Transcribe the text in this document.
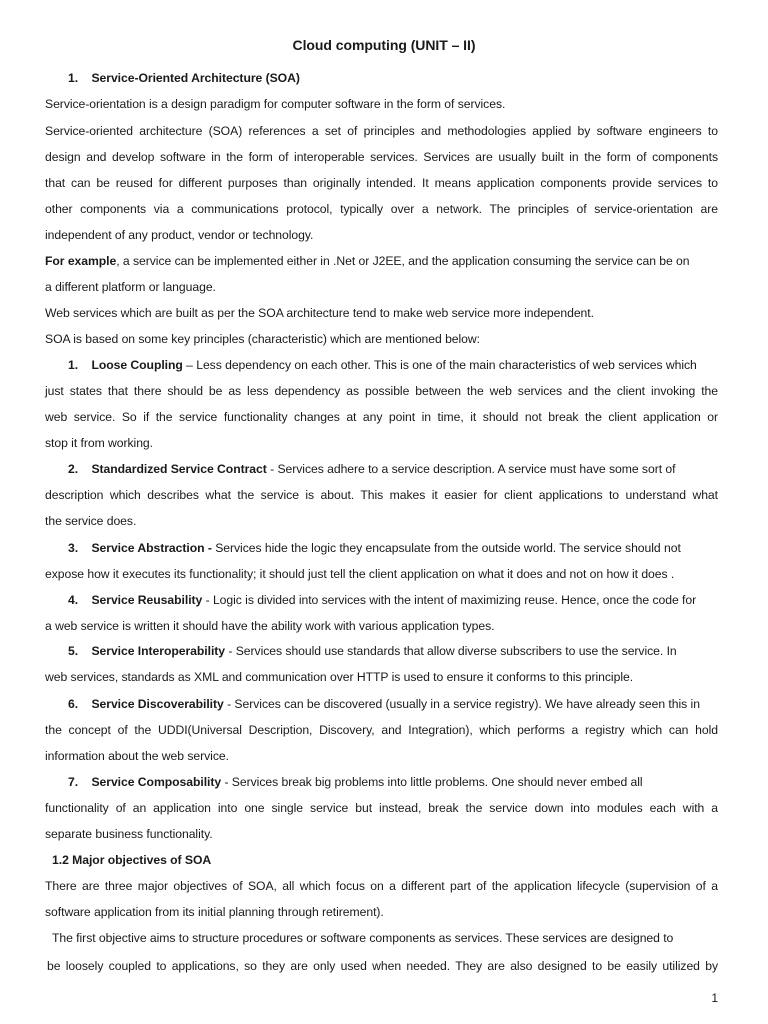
Cloud computing (UNIT – II)
1. Service-Oriented Architecture (SOA)
Service-orientation is a design paradigm for computer software in the form of services.
Service-oriented architecture (SOA) references a set of principles and methodologies applied by software engineers to
design and develop software in the form of interoperable services. Services are usually built in the form of components
that can be reused for different purposes than originally intended. It means application components provide services to
other components via a communications protocol, typically over a network. The principles of service-orientation are
independent of any product, vendor or technology.
For example, a service can be implemented either in .Net or J2EE, and the application consuming the service can be on
a different platform or language.
Web services which are built as per the SOA architecture tend to make web service more independent.
SOA is based on some key principles (characteristic) which are mentioned below:
1. Loose Coupling – Less dependency on each other. This is one of the main characteristics of web services which
just states that there should be as less dependency as possible between the web services and the client invoking the
web service. So if the service functionality changes at any point in time, it should not break the client application or
stop it from working.
2. Standardized Service Contract - Services adhere to a service description. A service must have some sort of
description which describes what the service is about. This makes it easier for client applications to understand what
the service does.
3. Service Abstraction - Services hide the logic they encapsulate from the outside world. The service should not
expose how it executes its functionality; it should just tell the client application on what it does and not on how it does .
4. Service Reusability - Logic is divided into services with the intent of maximizing reuse. Hence, once the code for
a web service is written it should have the ability work with various application types.
5. Service Interoperability - Services should use standards that allow diverse subscribers to use the service. In
web services, standards as XML and communication over HTTP is used to ensure it conforms to this principle.
6. Service Discoverability - Services can be discovered (usually in a service registry). We have already seen this in
the concept of the UDDI(Universal Description, Discovery, and Integration), which performs a registry which can hold
information about the web service.
7. Service Composability - Services break big problems into little problems. One should never embed all
functionality of an application into one single service but instead, break the service down into modules each with a
separate business functionality.
1.2 Major objectives of SOA
There are three major objectives of SOA, all which focus on a different part of the application lifecycle (supervision of a
software application from its initial planning through retirement).
The first objective aims to structure procedures or software components as services. These services are designed to
be loosely coupled to applications, so they are only used when needed. They are also designed to be easily utilized by
1
